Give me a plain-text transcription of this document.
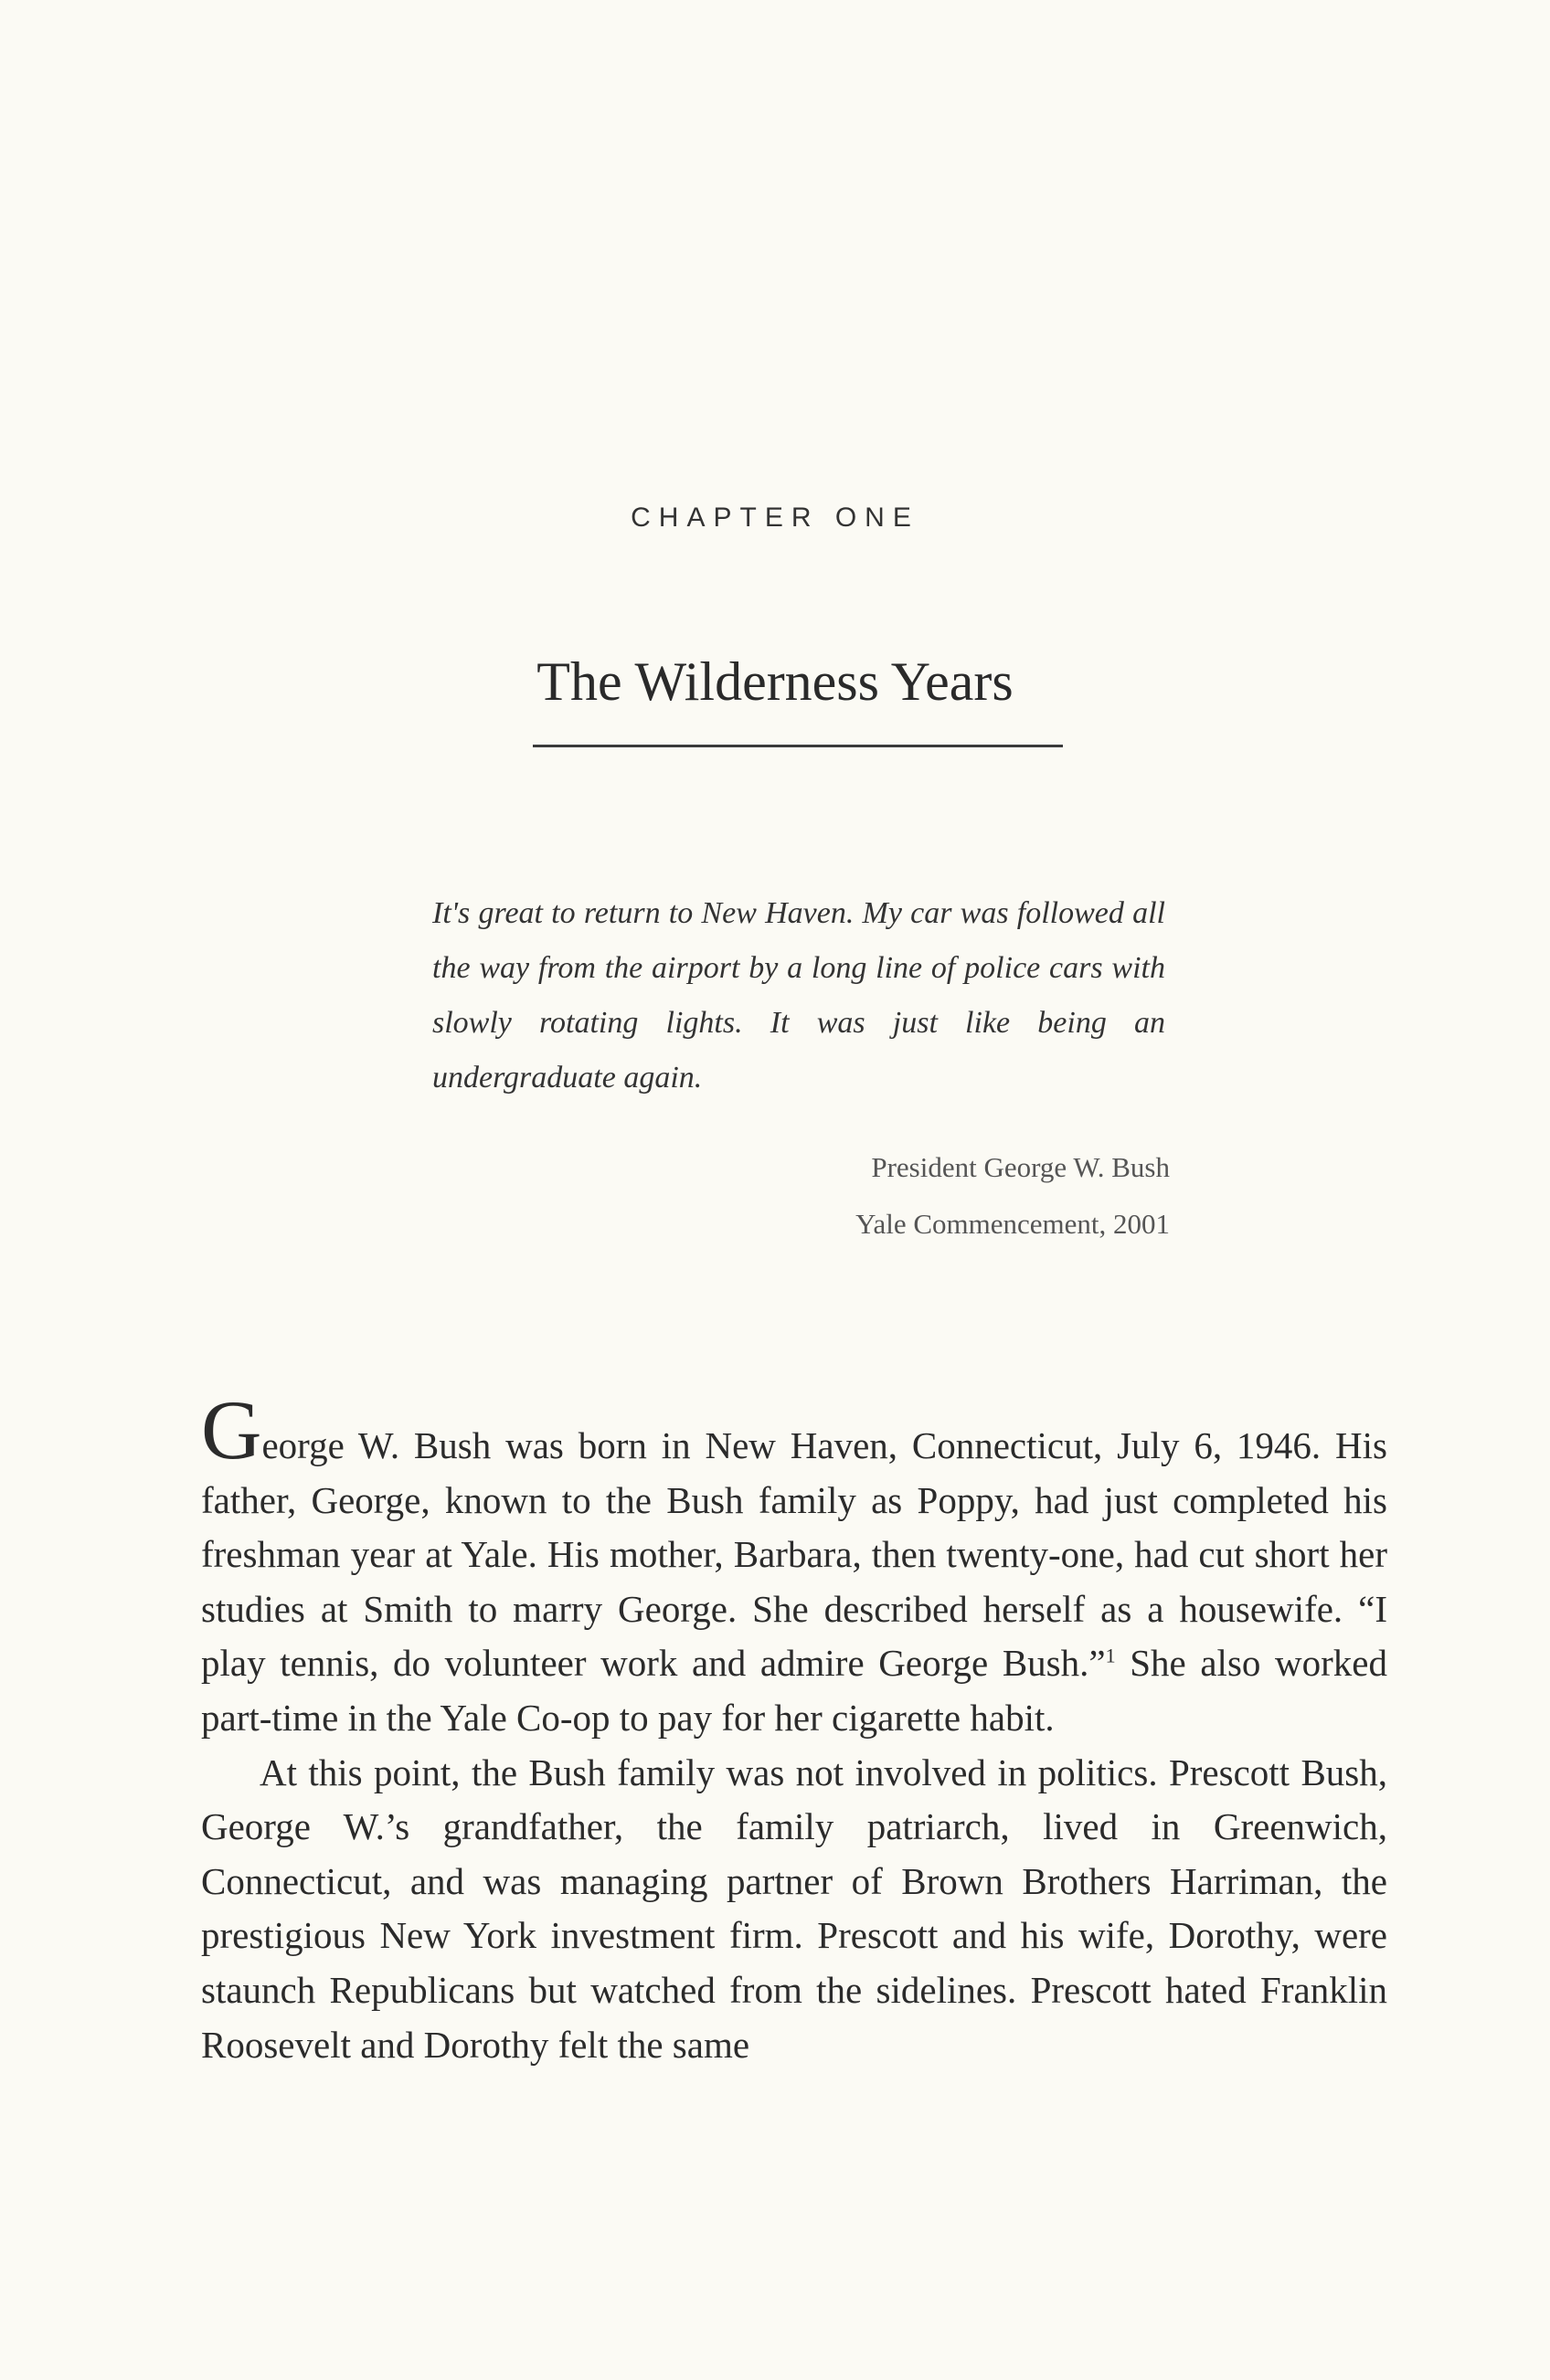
CHAPTER ONE
The Wilderness Years
It's great to return to New Haven. My car was followed all the way from the airport by a long line of police cars with slowly rotating lights. It was just like being an undergraduate again.
President George W. Bush
Yale Commencement, 2001

George W. Bush was born in New Haven, Connecticut, July 6, 1946. His father, George, known to the Bush family as Poppy, had just completed his freshman year at Yale. His mother, Barbara, then twenty-one, had cut short her studies at Smith to marry George. She described herself as a housewife. “I play tennis, do volunteer work and admire George Bush.”$^1$ She also worked part-time in the Yale Co-op to pay for her cigarette habit.

At this point, the Bush family was not involved in politics. Prescott Bush, George W.’s grandfather, the family patriarch, lived in Greenwich, Connecticut, and was managing partner of Brown Brothers Harriman, the prestigious New York investment firm. Prescott and his wife, Dorothy, were staunch Republicans but watched from the sidelines. Prescott hated Franklin Roosevelt and Dorothy felt the same
